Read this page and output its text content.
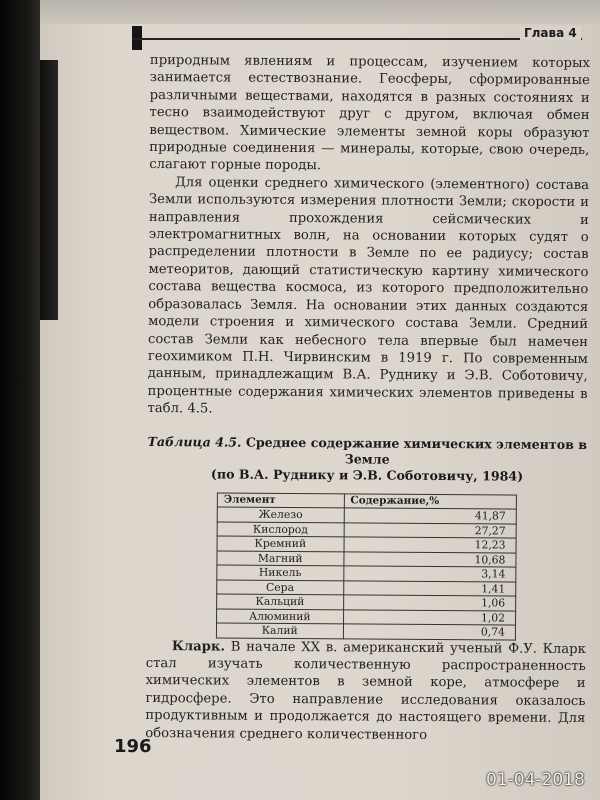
Глава 4

природным явлениям и процессам, изучением которых занимается естествознание. Геосферы, сформированные различными веществами, находятся в разных состояниях и тесно взаимодействуют друг с другом, включая обмен веществом. Химические элементы земной коры образуют природные соединения — минералы, которые, свою очередь, слагают горные породы.

Для оценки среднего химического (элементного) состава Земли используются измерения плотности Земли; скорости и направления прохождения сейсмических и электромагнитных волн, на основании которых судят о распределении плотности в Земле по ее радиусу; состав метеоритов, дающий статистическую картину химического состава вещества космоса, из которого предположительно образовалась Земля. На основании этих данных создаются модели строения и химического состава Земли. Средний состав Земли как небесного тела впервые был намечен геохимиком П.Н. Чирвинским в 1919 г. По современным данным, принадлежащим В.А. Руднику и Э.В. Соботовичу, процентные содержания химических элементов приведены в табл. 4.5.

Таблица 4.5. Среднее содержание химических элементов в Земле
(по В.А. Руднику и Э.В. Соботовичу, 1984)
Элемент	Содержание,%
Железо	41,87
Кислород	27,27
Кремний	12,23
Магний	10,68
Никель	3,14
Сера	1,41
Кальций	1,06
Алюминий	1,02
Калий	0,74

Кларк. В начале XX в. американский ученый Ф.У. Кларк стал изучать количественную распространенность химических элементов в земной коре, атмосфере и гидросфере. Это направление исследования оказалось продуктивным и продолжается до настоящего времени. Для обозначения среднего количественного

196
01-04-2018
